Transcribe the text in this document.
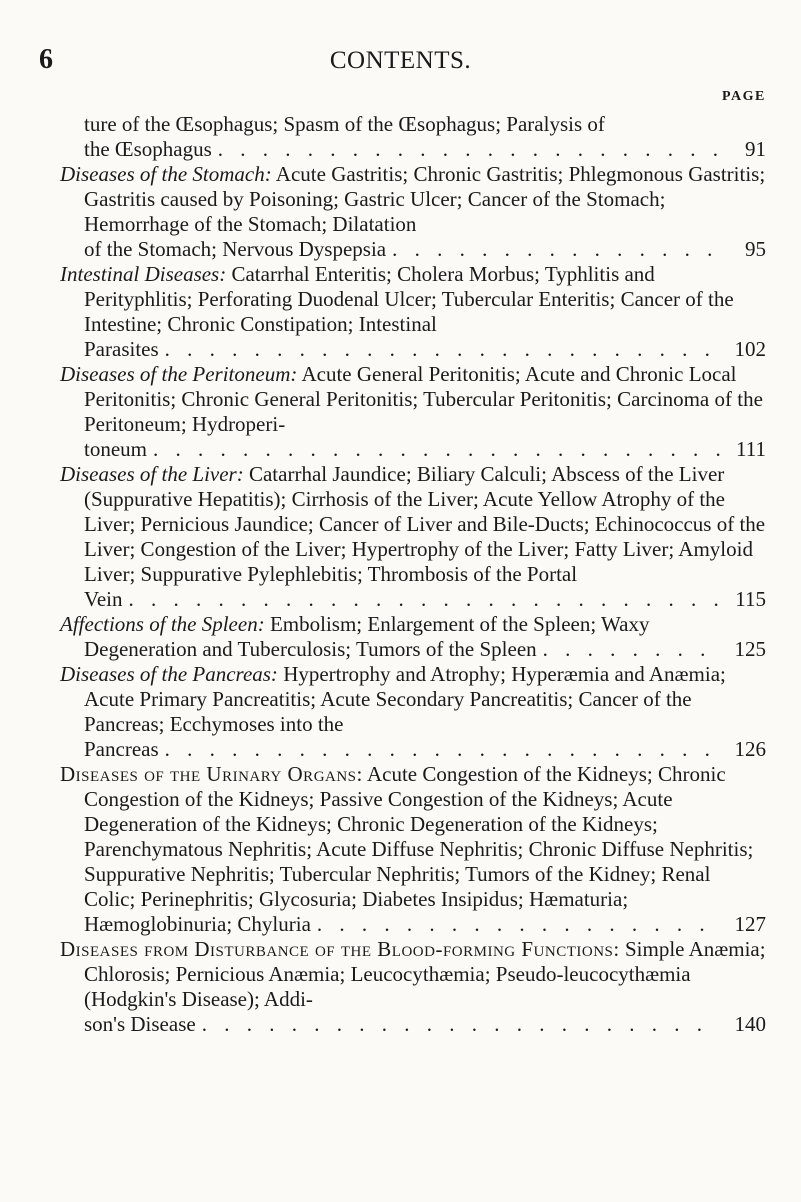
6	CONTENTS.
PAGE

ture of the Œsophagus; Spasm of the Œsophagus; Paralysis of
the Œsophagus . . .	91

Diseases of the Stomach: Acute Gastritis; Chronic Gastritis; Phlegmonous Gastritis; Gastritis caused by Poisoning; Gastric Ulcer; Cancer of the Stomach; Hemorrhage of the Stomach; Dilatation
of the Stomach; Nervous Dyspepsia . . .	95

Intestinal Diseases: Catarrhal Enteritis; Cholera Morbus; Typhlitis and Perityphlitis; Perforating Duodenal Ulcer; Tubercular Enteritis; Cancer of the Intestine; Chronic Constipation; Intestinal
Parasites . . .	102

Diseases of the Peritoneum: Acute General Peritonitis; Acute and Chronic Local Peritonitis; Chronic General Peritonitis; Tubercular Peritonitis; Carcinoma of the Peritoneum; Hydroperi-
toneum . . .	111

Diseases of the Liver: Catarrhal Jaundice; Biliary Calculi; Abscess of the Liver (Suppurative Hepatitis); Cirrhosis of the Liver; Acute Yellow Atrophy of the Liver; Pernicious Jaundice; Cancer of Liver and Bile-Ducts; Echinococcus of the Liver; Congestion of the Liver; Hypertrophy of the Liver; Fatty Liver; Amyloid Liver; Suppurative Pylephlebitis; Thrombosis of the Portal
Vein . . .	115

Affections of the Spleen: Embolism; Enlargement of the Spleen; Waxy
Degeneration and Tuberculosis; Tumors of the Spleen . . .	125

Diseases of the Pancreas: Hypertrophy and Atrophy; Hyperæmia and Anæmia; Acute Primary Pancreatitis; Acute Secondary Pancreatitis; Cancer of the Pancreas; Ecchymoses into the
Pancreas . . .	126

Diseases of the Urinary Organs: Acute Congestion of the Kidneys; Chronic Congestion of the Kidneys; Passive Congestion of the Kidneys; Acute Degeneration of the Kidneys; Chronic Degeneration of the Kidneys; Parenchymatous Nephritis; Acute Diffuse Nephritis; Chronic Diffuse Nephritis; Suppurative Nephritis; Tubercular Nephritis; Tumors of the Kidney; Renal Colic; Perinephritis; Glycosuria; Diabetes Insipidus; Hæmaturia;
Hæmoglobinuria; Chyluria . . .	127

Diseases from Disturbance of the Blood-forming Functions: Simple Anæmia; Chlorosis; Pernicious Anæmia; Leucocythæmia; Pseudo-leucocythæmia (Hodgkin's Disease); Addi-
son's Disease . . .	140
